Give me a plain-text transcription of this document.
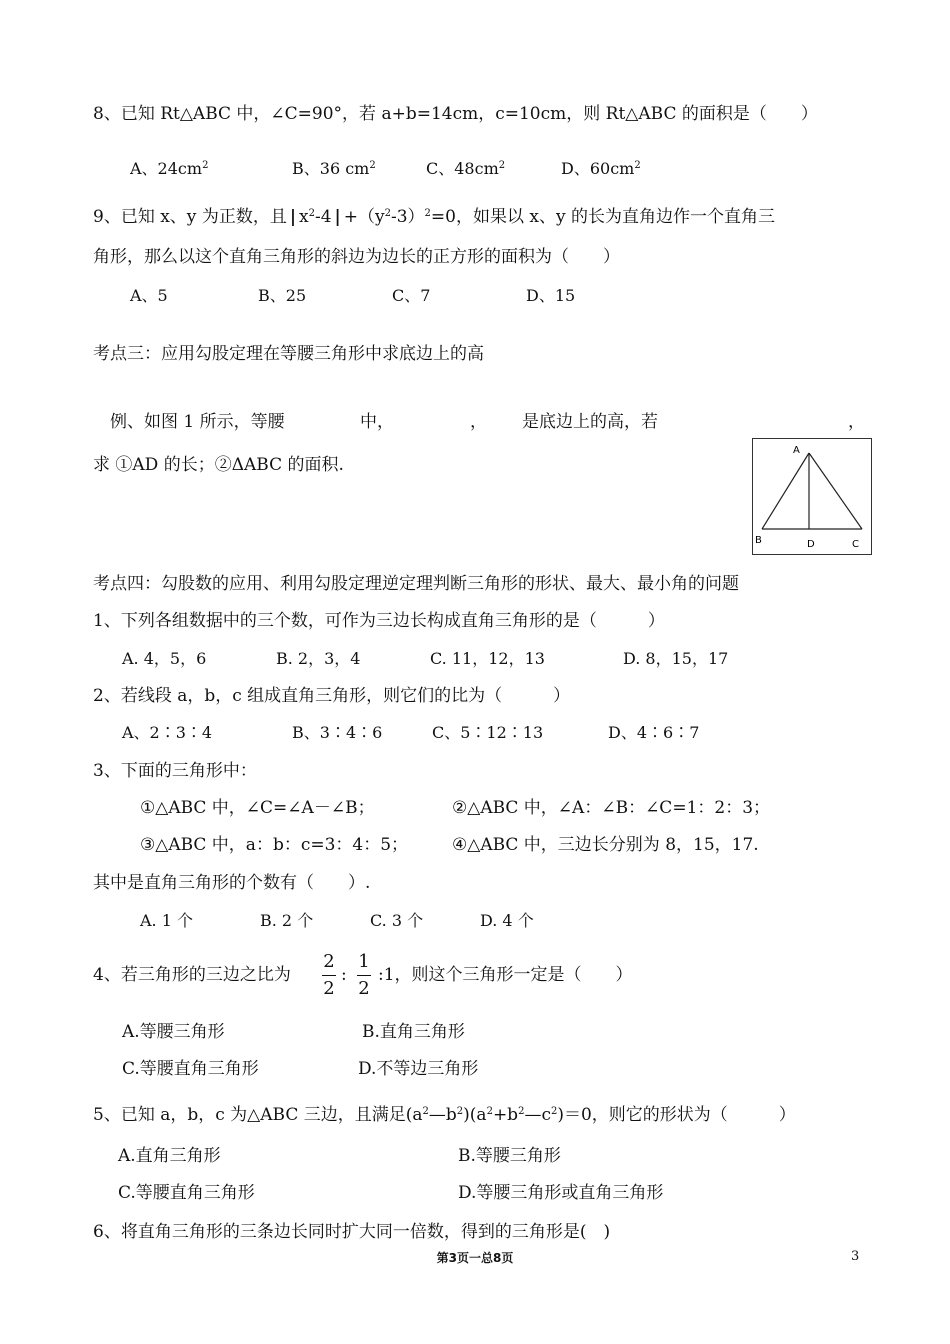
8、已知 Rt△ABC 中，∠C=90°，若 a+b=14cm，c=10cm，则 Rt△ABC 的面积是（　　）
A、$24cm^2$	B、36 $cm^2$	C、$48cm^2$	D、$60cm^2$
9、已知 x、y 为正数，且 | $x^2-4$ | $+(y^2-3)^2=0$，如果以 x、y 的长为直角边作一个直角三
角形，那么以这个直角三角形的斜边为边长的正方形的面积为（　　）
A、5	B、25	C、7	D、15
考点三：应用勾股定理在等腰三角形中求底边上的高
例、如图 1 所示，等腰	中，	， 是底边上的高，若	，
求 ①AD 的长；②ΔABC 的面积.
A
B	D	C
考点四：勾股数的应用、利用勾股定理逆定理判断三角形的形状、最大、最小角的问题
1、下列各组数据中的三个数，可作为三边长构成直角三角形的是（　　　）
A. 4，5，6	B. 2，3，4	C. 11，12，13	D. 8，15，17
2、若线段 a，b，c 组成直角三角形，则它们的比为（　　　）
A、2∶3∶4	B、3∶4∶6	C、5∶12∶13	D、4∶6∶7
3、下面的三角形中：
①△ABC 中，∠C=∠A－∠B；	②△ABC 中，∠A：∠B：∠C=1：2：3；
③△ABC 中，a：b：c=3：4：5；	④△ABC 中，三边长分别为 8，15，17.
其中是直角三角形的个数有（　　）.
A. 1 个	B. 2 个	C. 3 个	D. 4 个
4、若三角形的三边之比为
2
2
:
1
2
:1，则这个三角形一定是（　　）
A.等腰三角形	B.直角三角形
C.等腰直角三角形	D.不等边三角形
5、已知 a，b，c 为△ABC 三边，且满足$(a^2—b^2)(a^2+b^2—c^2)=0$，则它的形状为（　　　）
A.直角三角形	B.等腰三角形
C.等腰直角三角形	D.等腰三角形或直角三角形
6、将直角三角形的三条边长同时扩大同一倍数，得到的三角形是(　)
第3页一总8页	3
